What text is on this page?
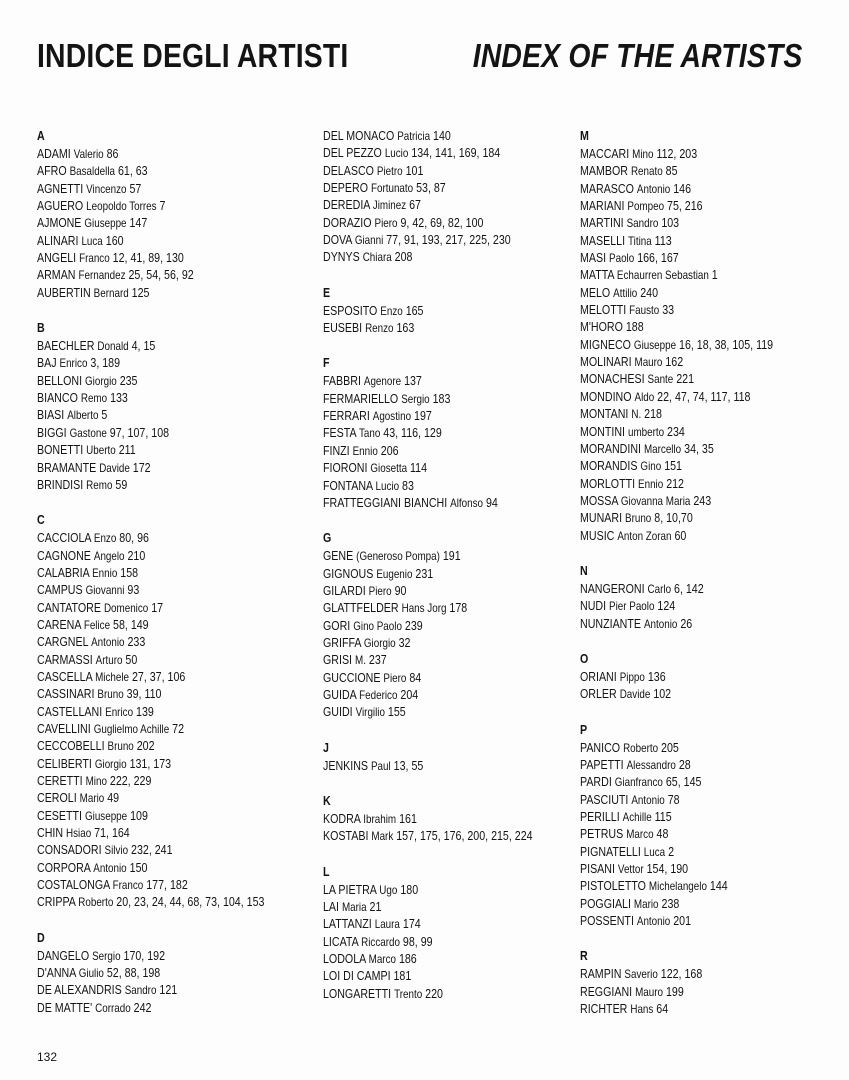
INDICE DEGLI ARTISTI	INDEX OF THE ARTISTS
A
ADAMI Valerio 86
AFRO Basaldella 61, 63
AGNETTI Vincenzo 57
AGUERO Leopoldo Torres 7
AJMONE Giuseppe 147
ALINARI Luca 160
ANGELI Franco 12, 41, 89, 130
ARMAN Fernandez 25, 54, 56, 92
AUBERTIN Bernard 125
B
BAECHLER Donald 4, 15
BAJ Enrico 3, 189
BELLONI Giorgio 235
BIANCO Remo 133
BIASI Alberto 5
BIGGI Gastone 97, 107, 108
BONETTI Uberto 211
BRAMANTE Davide 172
BRINDISI Remo 59
C
CACCIOLA Enzo 80, 96
CAGNONE Angelo 210
CALABRIA Ennio 158
CAMPUS Giovanni 93
CANTATORE Domenico 17
CARENA Felice 58, 149
CARGNEL Antonio 233
CARMASSI Arturo 50
CASCELLA Michele 27, 37, 106
CASSINARI Bruno 39, 110
CASTELLANI Enrico 139
CAVELLINI Guglielmo Achille 72
CECCOBELLI Bruno 202
CELIBERTI Giorgio 131, 173
CERETTI Mino 222, 229
CEROLI Mario 49
CESETTI Giuseppe 109
CHIN Hsiao 71, 164
CONSADORI Silvio 232, 241
CORPORA Antonio 150
COSTALONGA Franco 177, 182
CRIPPA Roberto 20, 23, 24, 44, 68, 73, 104, 153
D
DANGELO Sergio 170, 192
D'ANNA Giulio 52, 88, 198
DE ALEXANDRIS Sandro 121
DE MATTE' Corrado 242
DEL MONACO Patricia 140
DEL PEZZO Lucio 134, 141, 169, 184
DELASCO Pietro 101
DEPERO Fortunato 53, 87
DEREDIA Jiminez 67
DORAZIO Piero 9, 42, 69, 82, 100
DOVA Gianni 77, 91, 193, 217, 225, 230
DYNYS Chiara 208
E
ESPOSITO Enzo 165
EUSEBI Renzo 163
F
FABBRI Agenore 137
FERMARIELLO Sergio 183
FERRARI Agostino 197
FESTA Tano 43, 116, 129
FINZI Ennio 206
FIORONI Giosetta 114
FONTANA Lucio 83
FRATTEGGIANI BIANCHI Alfonso 94
G
GENE (Generoso Pompa) 191
GIGNOUS Eugenio 231
GILARDI Piero 90
GLATTFELDER Hans Jorg 178
GORI Gino Paolo 239
GRIFFA Giorgio 32
GRISI M. 237
GUCCIONE Piero 84
GUIDA Federico 204
GUIDI Virgilio 155
J
JENKINS Paul 13, 55
K
KODRA Ibrahim 161
KOSTABI Mark 157, 175, 176, 200, 215, 224
L
LA PIETRA Ugo 180
LAI Maria 21
LATTANZI Laura 174
LICATA Riccardo 98, 99
LODOLA Marco 186
LOI DI CAMPI 181
LONGARETTI Trento 220
M
MACCARI Mino 112, 203
MAMBOR Renato 85
MARASCO Antonio 146
MARIANI Pompeo 75, 216
MARTINI Sandro 103
MASELLI Titina 113
MASI Paolo 166, 167
MATTA Echaurren Sebastian 1
MELO Attilio 240
MELOTTI Fausto 33
M'HORO 188
MIGNECO Giuseppe 16, 18, 38, 105, 119
MOLINARI Mauro 162
MONACHESI Sante 221
MONDINO Aldo 22, 47, 74, 117, 118
MONTANI N. 218
MONTINI umberto 234
MORANDINI Marcello 34, 35
MORANDIS Gino 151
MORLOTTI Ennio 212
MOSSA Giovanna Maria 243
MUNARI Bruno 8, 10,70
MUSIC Anton Zoran 60
N
NANGERONI Carlo 6, 142
NUDI Pier Paolo 124
NUNZIANTE Antonio 26
O
ORIANI Pippo 136
ORLER Davide 102
P
PANICO Roberto 205
PAPETTI Alessandro 28
PARDI Gianfranco 65, 145
PASCIUTI Antonio 78
PERILLI Achille 115
PETRUS Marco 48
PIGNATELLI Luca 2
PISANI Vettor 154, 190
PISTOLETTO Michelangelo 144
POGGIALI Mario 238
POSSENTI Antonio 201
R
RAMPIN Saverio 122, 168
REGGIANI Mauro 199
RICHTER Hans 64
132
